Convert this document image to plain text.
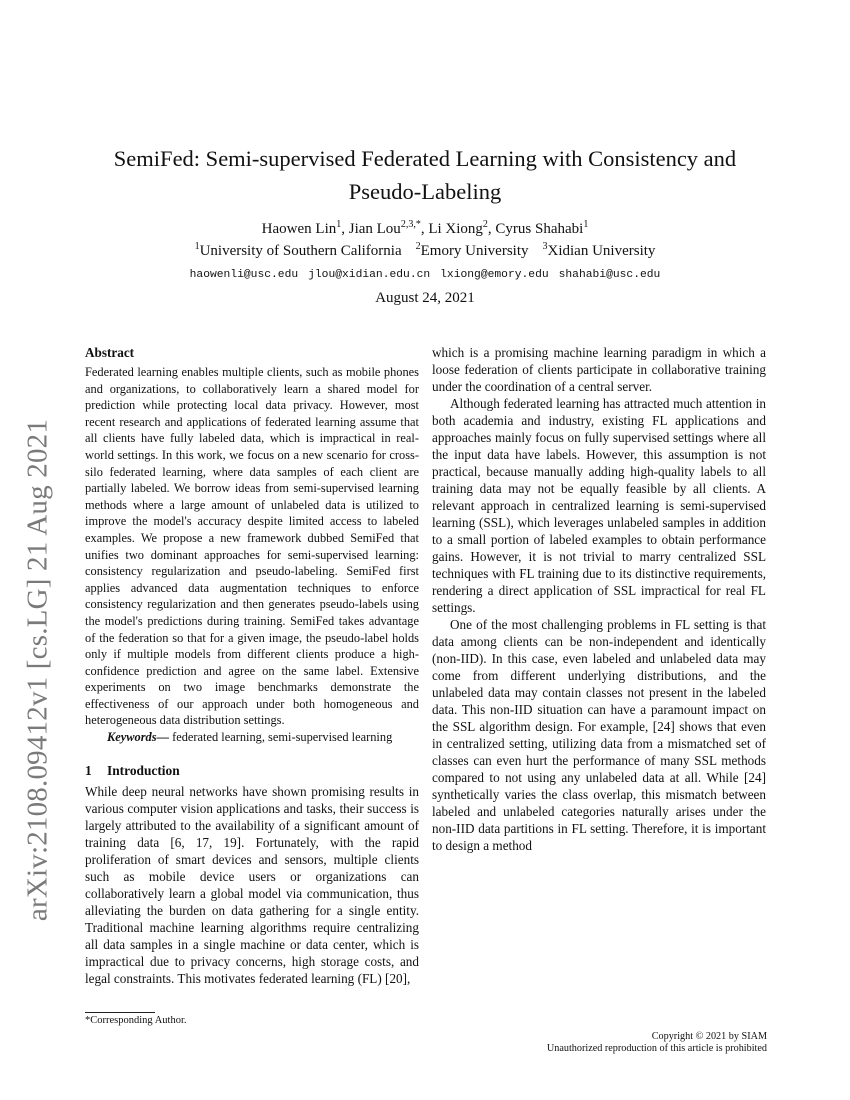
arXiv:2108.09412v1 [cs.LG] 21 Aug 2021
SemiFed: Semi-supervised Federated Learning with Consistency and
Pseudo-Labeling
Haowen Lin$^1$, Jian Lou$^{2,3,*}$, Li Xiong$^2$, Cyrus Shahabi$^1$
$^1$University of Southern California $^2$Emory University $^3$Xidian University
haowenli@usc.edu jlou@xidian.edu.cn lxiong@emory.edu shahabi@usc.edu
August 24, 2021
Abstract

Federated learning enables multiple clients, such as mobile phones and organizations, to collaboratively learn a shared model for prediction while protecting local data privacy. However, most recent research and applications of federated learning assume that all clients have fully labeled data, which is impractical in real-world settings. In this work, we focus on a new scenario for cross-silo federated learning, where data samples of each client are partially labeled. We borrow ideas from semi-supervised learning methods where a large amount of unlabeled data is utilized to improve the model's accuracy despite limited access to labeled examples. We propose a new framework dubbed SemiFed that unifies two dominant approaches for semi-supervised learning: consistency regularization and pseudo-labeling. SemiFed first applies advanced data augmentation techniques to enforce consistency regularization and then generates pseudo-labels using the model's predictions during training. SemiFed takes advantage of the federation so that for a given image, the pseudo-label holds only if multiple models from different clients produce a high-confidence prediction and agree on the same label. Extensive experiments on two image benchmarks demonstrate the effectiveness of our approach under both homogeneous and heterogeneous data distribution settings.

Keywords— federated learning, semi-supervised learning

1 Introduction

While deep neural networks have shown promising results in various computer vision applications and tasks, their success is largely attributed to the availability of a significant amount of training data [6, 17, 19]. Fortunately, with the rapid proliferation of smart devices and sensors, multiple clients such as mobile device users or organizations can collaboratively learn a global model via communication, thus alleviating the burden on data gathering for a single entity. Traditional machine learning algorithms require centralizing all data samples in a single machine or data center, which is impractical due to privacy concerns, high storage costs, and legal constraints. This motivates federated learning (FL) [20],

which is a promising machine learning paradigm in which a loose federation of clients participate in collaborative training under the coordination of a central server.

Although federated learning has attracted much attention in both academia and industry, existing FL applications and approaches mainly focus on fully supervised settings where all the input data have labels. However, this assumption is not practical, because manually adding high-quality labels to all training data may not be equally feasible by all clients. A relevant approach in centralized learning is semi-supervised learning (SSL), which leverages unlabeled samples in addition to a small portion of labeled examples to obtain performance gains. However, it is not trivial to marry centralized SSL techniques with FL training due to its distinctive requirements, rendering a direct application of SSL impractical for real FL settings.

One of the most challenging problems in FL setting is that data among clients can be non-independent and identically (non-IID). In this case, even labeled and unlabeled data may come from different underlying distributions, and the unlabeled data may contain classes not present in the labeled data. This non-IID situation can have a paramount impact on the SSL algorithm design. For example, [24] shows that even in centralized setting, utilizing data from a mismatched set of classes can even hurt the performance of many SSL methods compared to not using any unlabeled data at all. While [24] synthetically varies the class overlap, this mismatch between labeled and unlabeled categories naturally arises under the non-IID data partitions in FL setting. Therefore, it is important to design a method

*Corresponding Author.
Copyright © 2021 by SIAM
Unauthorized reproduction of this article is prohibited
